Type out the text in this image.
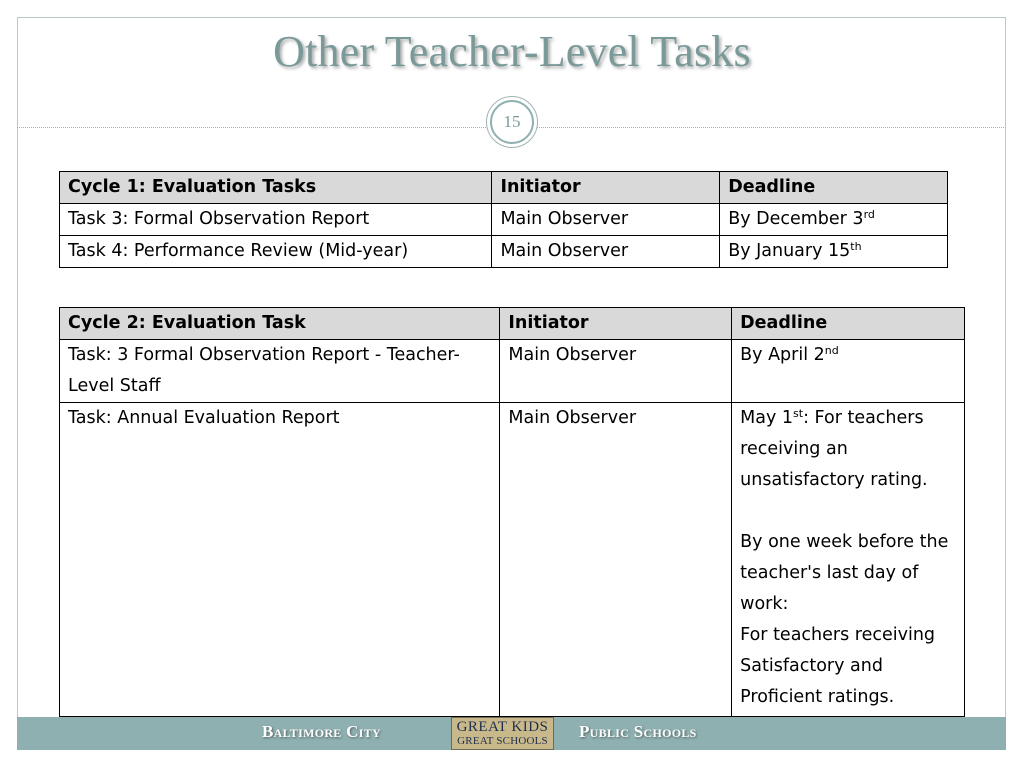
Other Teacher-Level Tasks
15
Cycle 1: Evaluation Tasks	Initiator	Deadline
Task 3: Formal Observation Report	Main Observer	By December 3rd
Task 4: Performance Review (Mid-year)	Main Observer	By January 15th
Cycle 2: Evaluation Task	Initiator	Deadline
Task: 3 Formal Observation Report - Teacher-Level Staff	Main Observer	By April 2nd
Task: Annual Evaluation Report	Main Observer	May 1st: For teachers receiving an unsatisfactory rating.
By one week before the teacher's last day of work:
For teachers receiving Satisfactory and Proficient ratings.
Baltimore City	Public Schools
GREAT KIDS
GREAT SCHOOLS
